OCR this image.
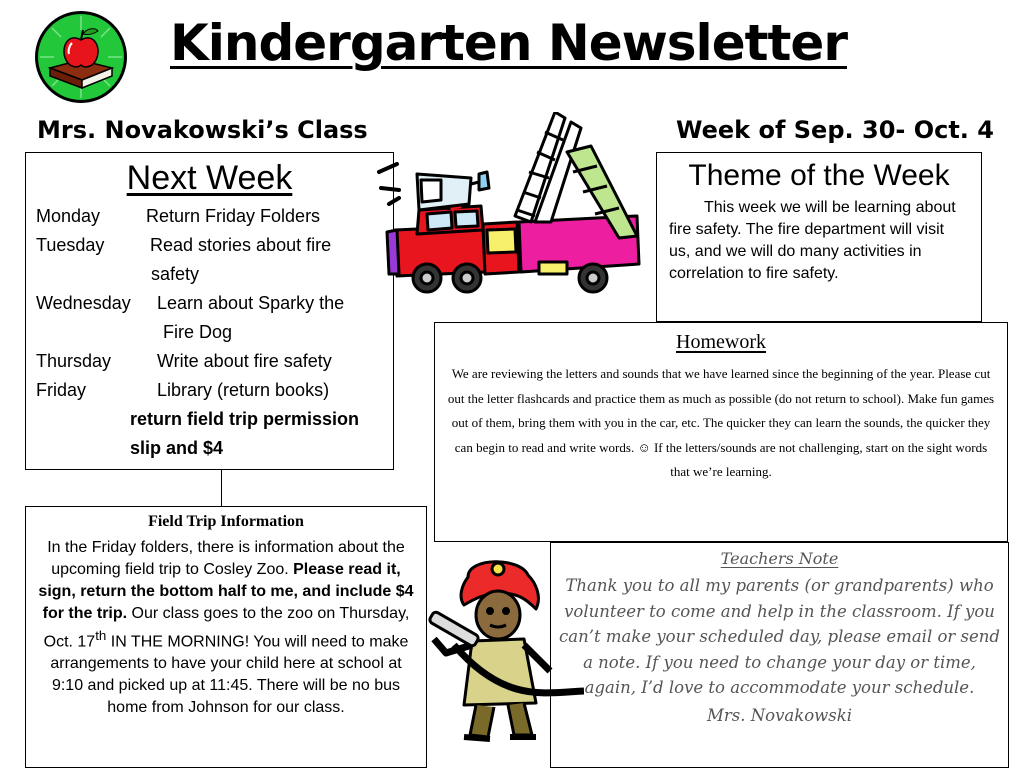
Kindergarten Newsletter
Mrs. Novakowski’s Class	Week of Sep. 30- Oct. 4
Next Week
Monday	Return Friday Folders
Tuesday	Read stories about fire
safety
Wednesday	Learn about Sparky the
Fire Dog
Thursday	Write about fire safety
Friday	Library (return books)
return field trip permission
slip and $4
Theme of the Week

This week we will be learning about fire safety. The fire department will visit us, and we will do many activities in correlation to fire safety.

Homework

We are reviewing the letters and sounds that we have learned since the beginning of the year. Please cut out the letter flashcards and practice them as much as possible (do not return to school). Make fun games out of them, bring them with you in the car, etc. The quicker they can learn the sounds, the quicker they can begin to read and write words. ☺ If the letters/sounds are not challenging, start on the sight words that we’re learning.

Field Trip Information

In the Friday folders, there is information about the upcoming field trip to Cosley Zoo. Please read it, sign, return the bottom half to me, and include $4 for the trip. Our class goes to the zoo on Thursday, Oct. 17th IN THE MORNING! You will need to make arrangements to have your child here at school at 9:10 and picked up at 11:45. There will be no bus home from Johnson for our class.

Teachers Note

Thank you to all my parents (or grandparents) who volunteer to come and help in the classroom. If you can’t make your scheduled day, please email or send a note. If you need to change your day or time, again, I’d love to accommodate your schedule.

Mrs. Novakowski
